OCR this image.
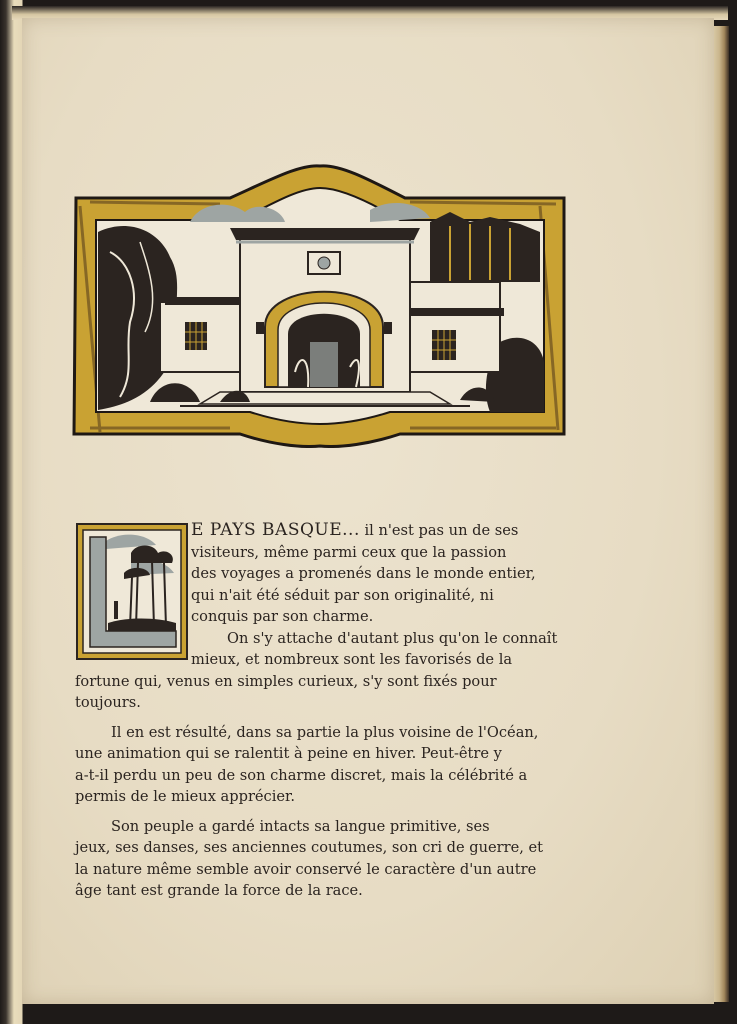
E PAYS BASQUE... il n'est pas un de ses
visiteurs, même parmi ceux que la passion
des voyages a promenés dans le monde entier,
qui n'ait été séduit par son originalité, ni
conquis par son charme.

On s'y attache d'autant plus qu'on le connaît
mieux, et nombreux sont les favorisés de la
fortune qui, venus en simples curieux, s'y sont fixés pour
toujours.

Il en est résulté, dans sa partie la plus voisine de l'Océan,
une animation qui se ralentit à peine en hiver. Peut-être y
a-t-il perdu un peu de son charme discret, mais la célébrité a
permis de le mieux apprécier.

Son peuple a gardé intacts sa langue primitive, ses
jeux, ses danses, ses anciennes coutumes, son cri de guerre, et
la nature même semble avoir conservé le caractère d'un autre
âge tant est grande la force de la race.
